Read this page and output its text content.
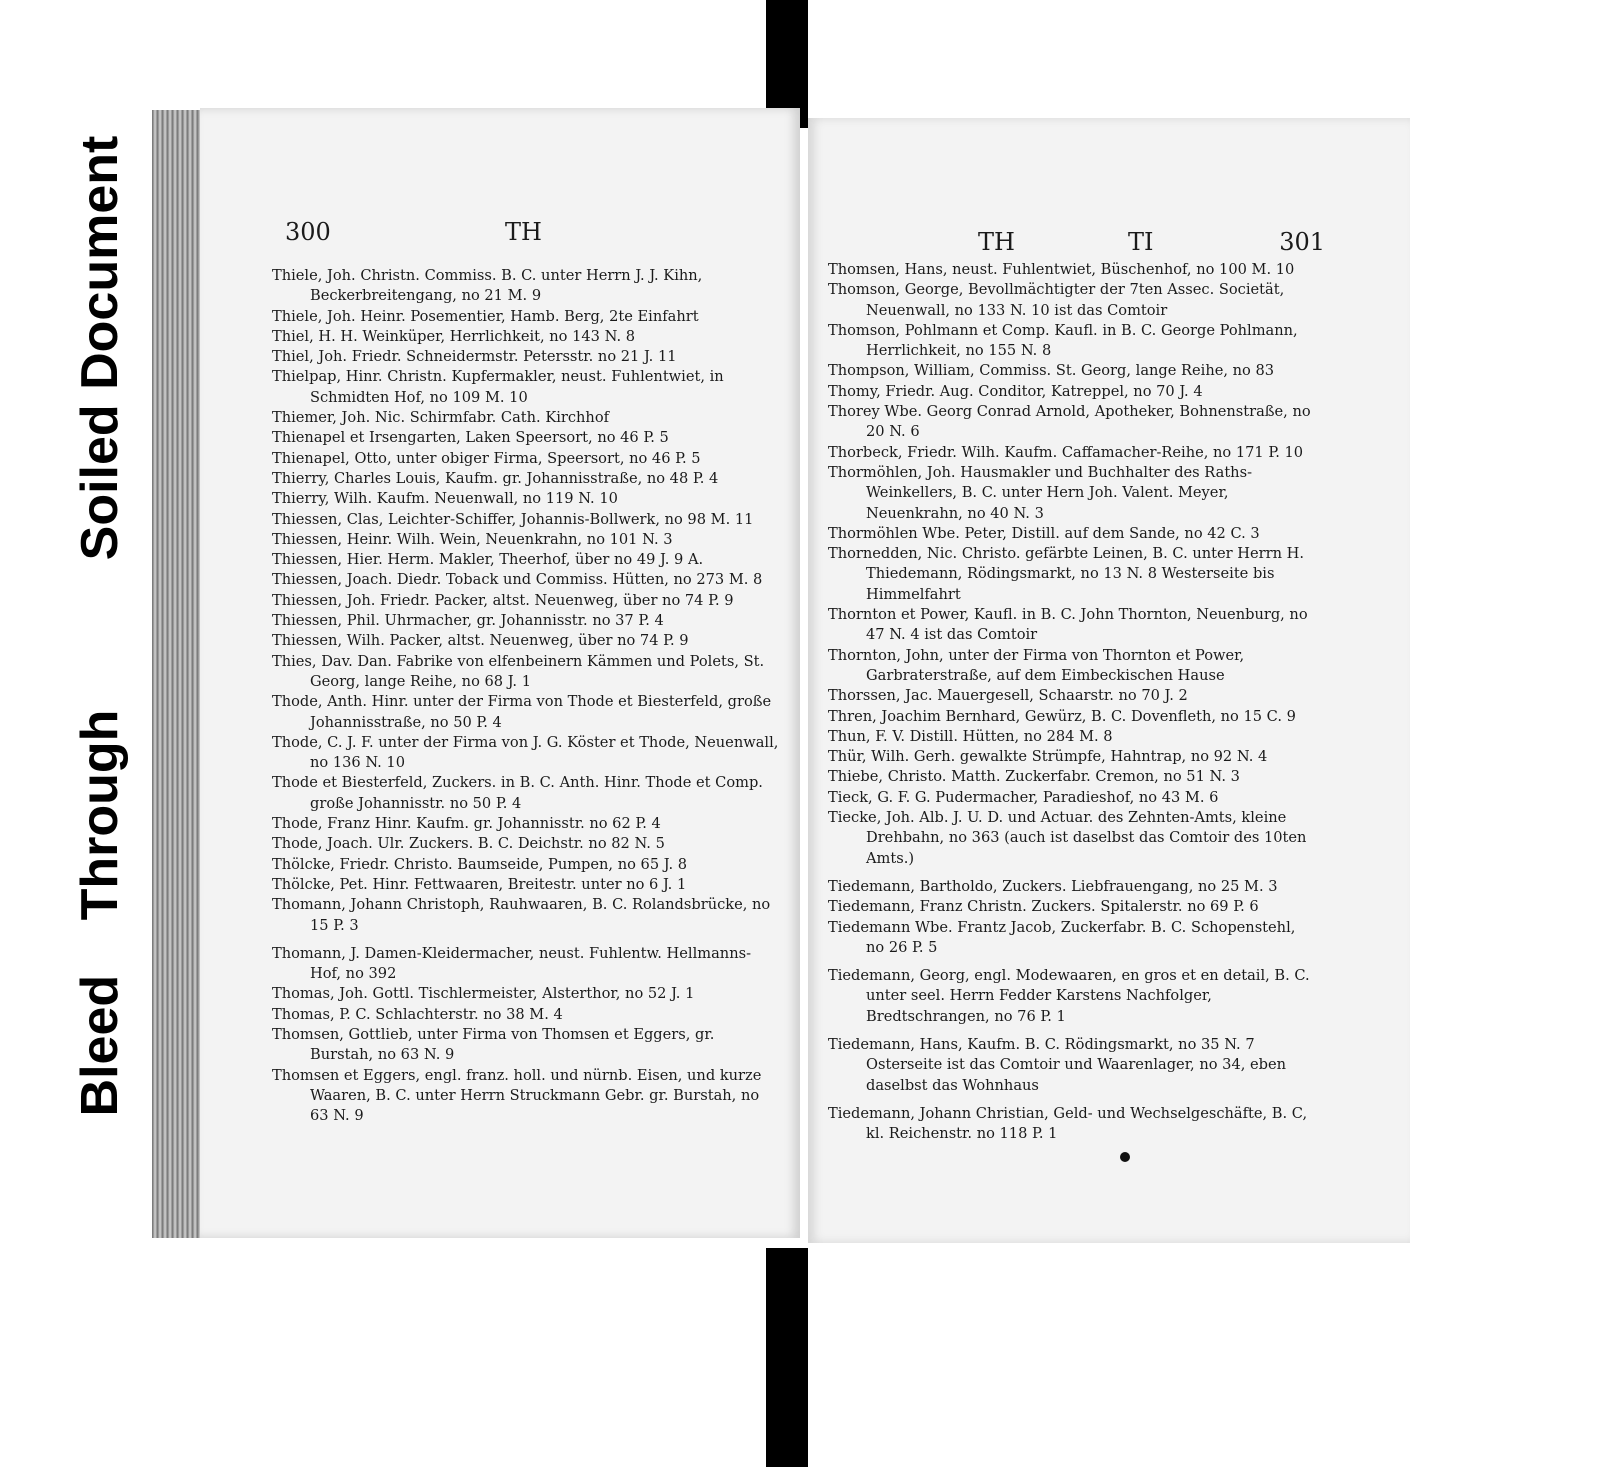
Soiled Document
Bleed Through
300	TH

Thiele, Joh. Christn. Commiss. B. C. unter Herrn J. J. Kihn, Beckerbreitengang, no 21 M. 9

Thiele, Joh. Heinr. Posementier, Hamb. Berg, 2te Einfahrt

Thiel, H. H. Weinküper, Herrlichkeit, no 143 N. 8

Thiel, Joh. Friedr. Schneidermstr. Petersstr. no 21 J. 11

Thielpap, Hinr. Christn. Kupfermakler, neust. Fuhlentwiet, in Schmidten Hof, no 109 M. 10

Thiemer, Joh. Nic. Schirmfabr. Cath. Kirchhof

Thienapel et Irsengarten, Laken Speersort, no 46 P. 5

Thienapel, Otto, unter obiger Firma, Speersort, no 46 P. 5

Thierry, Charles Louis, Kaufm. gr. Johannisstraße, no 48 P. 4

Thierry, Wilh. Kaufm. Neuenwall, no 119 N. 10

Thiessen, Clas, Leichter-Schiffer, Johannis-Bollwerk, no 98 M. 11

Thiessen, Heinr. Wilh. Wein, Neuenkrahn, no 101 N. 3

Thiessen, Hier. Herm. Makler, Theerhof, über no 49 J. 9 A.

Thiessen, Joach. Diedr. Toback und Commiss. Hütten, no 273 M. 8

Thiessen, Joh. Friedr. Packer, altst. Neuenweg, über no 74 P. 9

Thiessen, Phil. Uhrmacher, gr. Johannisstr. no 37 P. 4

Thiessen, Wilh. Packer, altst. Neuenweg, über no 74 P. 9

Thies, Dav. Dan. Fabrike von elfenbeinern Kämmen und Polets, St. Georg, lange Reihe, no 68 J. 1

Thode, Anth. Hinr. unter der Firma von Thode et Biesterfeld, große Johannisstraße, no 50 P. 4

Thode, C. J. F. unter der Firma von J. G. Köster et Thode, Neuenwall, no 136 N. 10

Thode et Biesterfeld, Zuckers. in B. C. Anth. Hinr. Thode et Comp. große Johannisstr. no 50 P. 4

Thode, Franz Hinr. Kaufm. gr. Johannisstr. no 62 P. 4

Thode, Joach. Ulr. Zuckers. B. C. Deichstr. no 82 N. 5

Thölcke, Friedr. Christo. Baumseide, Pumpen, no 65 J. 8

Thölcke, Pet. Hinr. Fettwaaren, Breitestr. unter no 6 J. 1

Thomann, Johann Christoph, Rauhwaaren, B. C. Rolandsbrücke, no 15 P. 3

Thomann, J. Damen-Kleidermacher, neust. Fuhlentw. Hellmanns-Hof, no 392

Thomas, Joh. Gottl. Tischlermeister, Alsterthor, no 52 J. 1

Thomas, P. C. Schlachterstr. no 38 M. 4

Thomsen, Gottlieb, unter Firma von Thomsen et Eggers, gr. Burstah, no 63 N. 9

Thomsen et Eggers, engl. franz. holl. und nürnb. Eisen, und kurze Waaren, B. C. unter Herrn Struckmann Gebr. gr. Burstah, no 63 N. 9

TH	TI	301

Thomsen, Hans, neust. Fuhlentwiet, Büschenhof, no 100 M. 10

Thomson, George, Bevollmächtigter der 7ten Assec. Societät, Neuenwall, no 133 N. 10 ist das Comtoir

Thomson, Pohlmann et Comp. Kaufl. in B. C. George Pohlmann, Herrlichkeit, no 155 N. 8

Thompson, William, Commiss. St. Georg, lange Reihe, no 83

Thomy, Friedr. Aug. Conditor, Katreppel, no 70 J. 4

Thorey Wbe. Georg Conrad Arnold, Apotheker, Bohnenstraße, no 20 N. 6

Thorbeck, Friedr. Wilh. Kaufm. Caffamacher-Reihe, no 171 P. 10

Thormöhlen, Joh. Hausmakler und Buchhalter des Raths-Weinkellers, B. C. unter Hern Joh. Valent. Meyer, Neuenkrahn, no 40 N. 3

Thormöhlen Wbe. Peter, Distill. auf dem Sande, no 42 C. 3

Thornedden, Nic. Christo. gefärbte Leinen, B. C. unter Herrn H. Thiedemann, Rödingsmarkt, no 13 N. 8 Westerseite bis Himmelfahrt

Thornton et Power, Kaufl. in B. C. John Thornton, Neuenburg, no 47 N. 4 ist das Comtoir

Thornton, John, unter der Firma von Thornton et Power, Garbraterstraße, auf dem Eimbeckischen Hause

Thorssen, Jac. Mauergesell, Schaarstr. no 70 J. 2

Thren, Joachim Bernhard, Gewürz, B. C. Dovenfleth, no 15 C. 9

Thun, F. V. Distill. Hütten, no 284 M. 8

Thür, Wilh. Gerh. gewalkte Strümpfe, Hahntrap, no 92 N. 4

Thiebe, Christo. Matth. Zuckerfabr. Cremon, no 51 N. 3

Tieck, G. F. G. Pudermacher, Paradieshof, no 43 M. 6

Tiecke, Joh. Alb. J. U. D. und Actuar. des Zehnten-Amts, kleine Drehbahn, no 363 (auch ist daselbst das Comtoir des 10ten Amts.)

Tiedemann, Bartholdo, Zuckers. Liebfrauengang, no 25 M. 3

Tiedemann, Franz Christn. Zuckers. Spitalerstr. no 69 P. 6

Tiedemann Wbe. Frantz Jacob, Zuckerfabr. B. C. Schopenstehl, no 26 P. 5

Tiedemann, Georg, engl. Modewaaren, en gros et en detail, B. C. unter seel. Herrn Fedder Karstens Nachfolger, Bredtschrangen, no 76 P. 1

Tiedemann, Hans, Kaufm. B. C. Rödingsmarkt, no 35 N. 7 Osterseite ist das Comtoir und Waarenlager, no 34, eben daselbst das Wohnhaus

Tiedemann, Johann Christian, Geld- und Wechselgeschäfte, B. C, kl. Reichenstr. no 118 P. 1
